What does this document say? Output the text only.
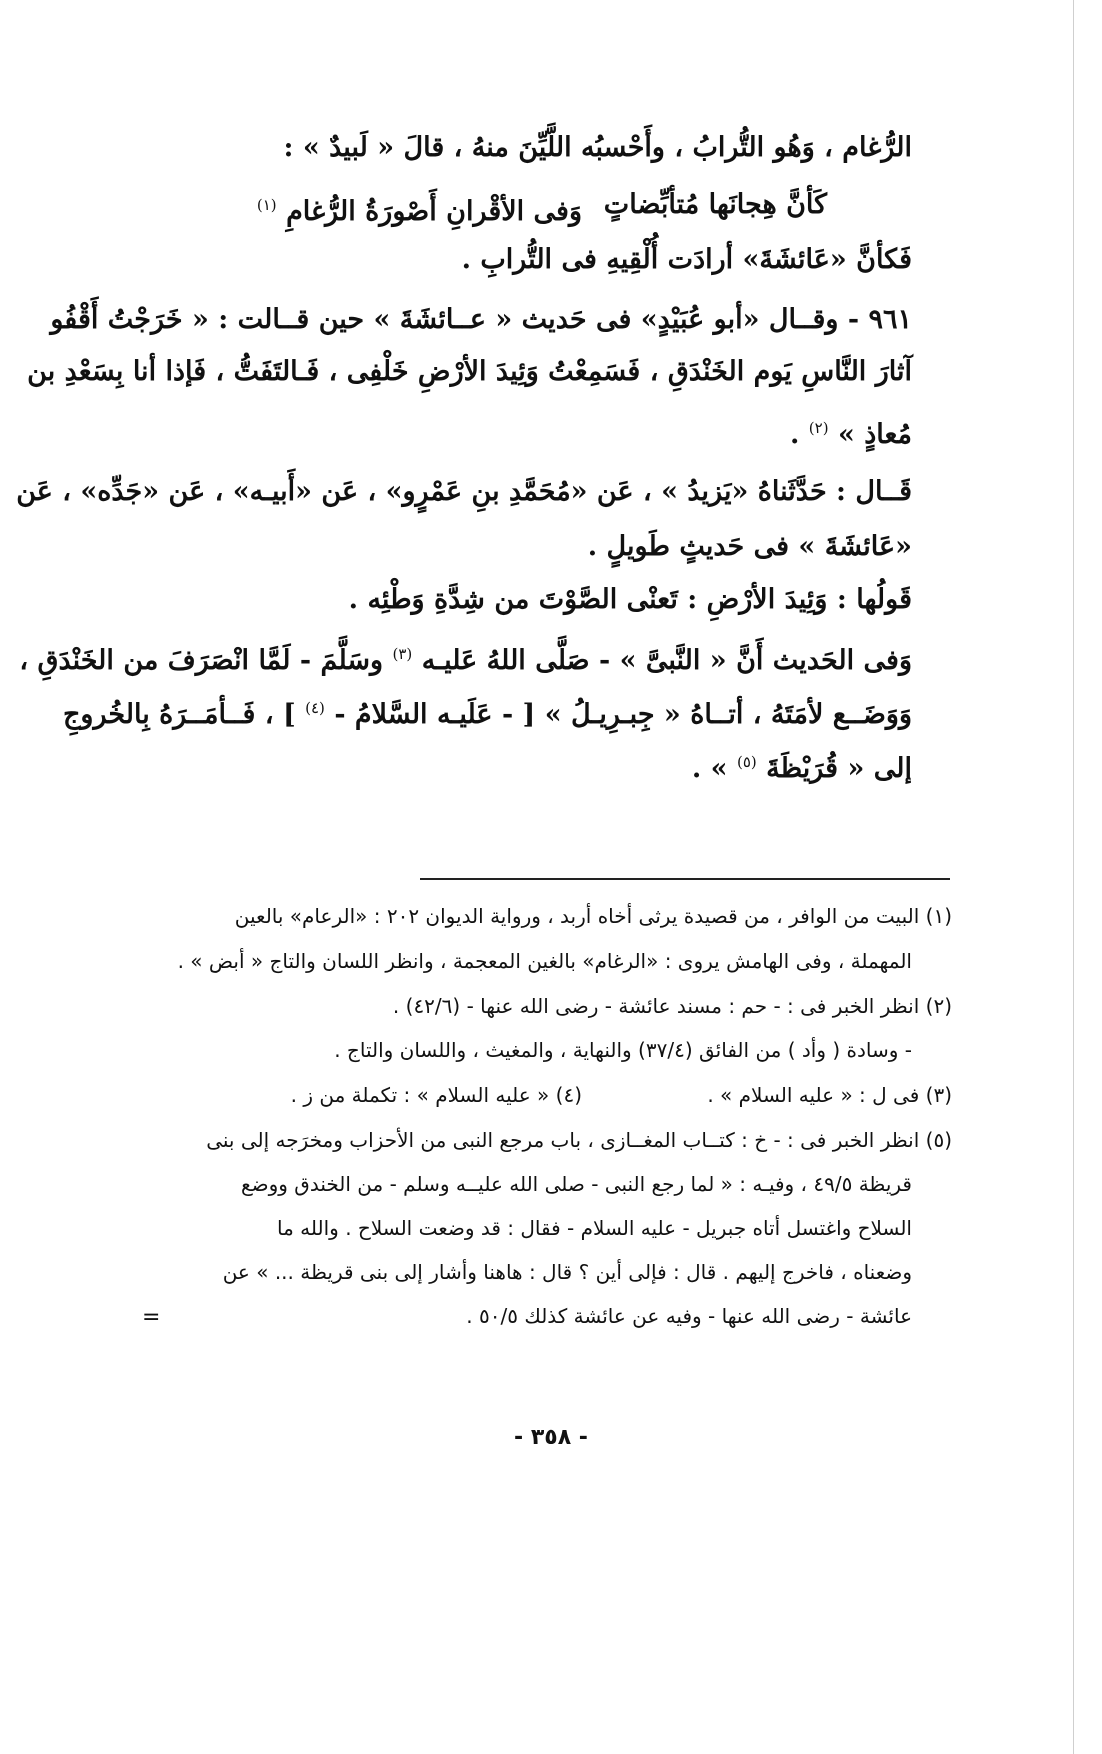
الرُّغام ، وَهُو التُّرابُ ، وأَحْسبُه اللَّيِّنَ منهُ ، قالَ « لَبيدٌ » :
كَأنَّ هِجانَها مُتأبِّضاتٍ
وَفى الأقْرانِ أَصْورَةُ الرُّغامِ $^{(١)}$
فَكأنَّ «عَائشَةَ» أرادَت أُلْقِيهِ فى التُّرابِ .
٩٦١ - وقــال «أبو عُبَيْدٍ» فى حَديث « عــائشَةَ » حين قــالت : « خَرَجْتُ أَقْفُو
آثارَ النَّاسِ يَوم الخَنْدَقِ ، فَسَمِعْتُ وَئِيدَ الأرْضِ خَلْفِى ، فَـالتَفَتُّ ، فَإذا أنا بِسَعْدِ بن
مُعاذٍ » $^{(٢)}$ .
قَــال : حَدَّثَناهُ «يَزيدُ » ، عَن «مُحَمَّدِ بنِ عَمْرٍو» ، عَن «أَبيـه» ، عَن «جَدِّه» ، عَن
«عَائشَةَ » فى حَديثٍ طَويلٍ .
قَولُها : وَئِيدَ الأرْضِ : تَعنْى الصَّوْتَ من شِدَّةِ وَطْئِه .
وَفى الحَديث أَنَّ « النَّبىَّ » - صَلَّى اللهُ عَليـه $^{(٣)}$ وسَلَّمَ - لَمَّا انْصَرَفَ من الخَنْدَقِ ،
وَوَضَــع لأمَتَهُ ، أتــاهُ « جِبـرِيـلُ » [ - عَلَيـه السَّلامُ - $^{(٤)}$ ] ، فَــأمَــرَهُ بِالخُروجِ
إلى « قُرَيْظَةَ $^{(٥)}$ » .
(١) البيت من الوافر ، من قصيدة يرثى أخاه أربد ، ورواية الديوان ٢٠٢ : «الرعام» بالعين
المهملة ، وفى الهامش يروى : «الرغام» بالغين المعجمة ، وانظر اللسان والتاج « أبض » .
(٢) انظر الخبر فى : - حم : مسند عائشة - رضى الله عنها - (٤٢/٦) .
- وسادة ( وأد ) من الفائق (٣٧/٤) والنهاية ، والمغيث ، واللسان والتاج .
(٣) فى ل : « عليه السلام » .
(٤) « عليه السلام » : تكملة من ز .
(٥) انظر الخبر فى : - خ : كتــاب المغــازى ، باب مرجع النبى من الأحزاب ومخرَجه إلى بنى
قريظة ٤٩/٥ ، وفيـه : « لما رجع النبى - صلى الله عليــه وسلم - من الخندق ووضع
السلاح واغتسل أتاه جبريل - عليه السلام - فقال : قد وضعت السلاح . والله ما
وضعناه ، فاخرج إليهم . قال : فإلى أين ؟ قال : هاهنا وأشار إلى بنى قريظة ... » عن
عائشة - رضى الله عنها - وفيه عن عائشة كذلك ٥٠/٥ .
=
- ٣٥٨ -
